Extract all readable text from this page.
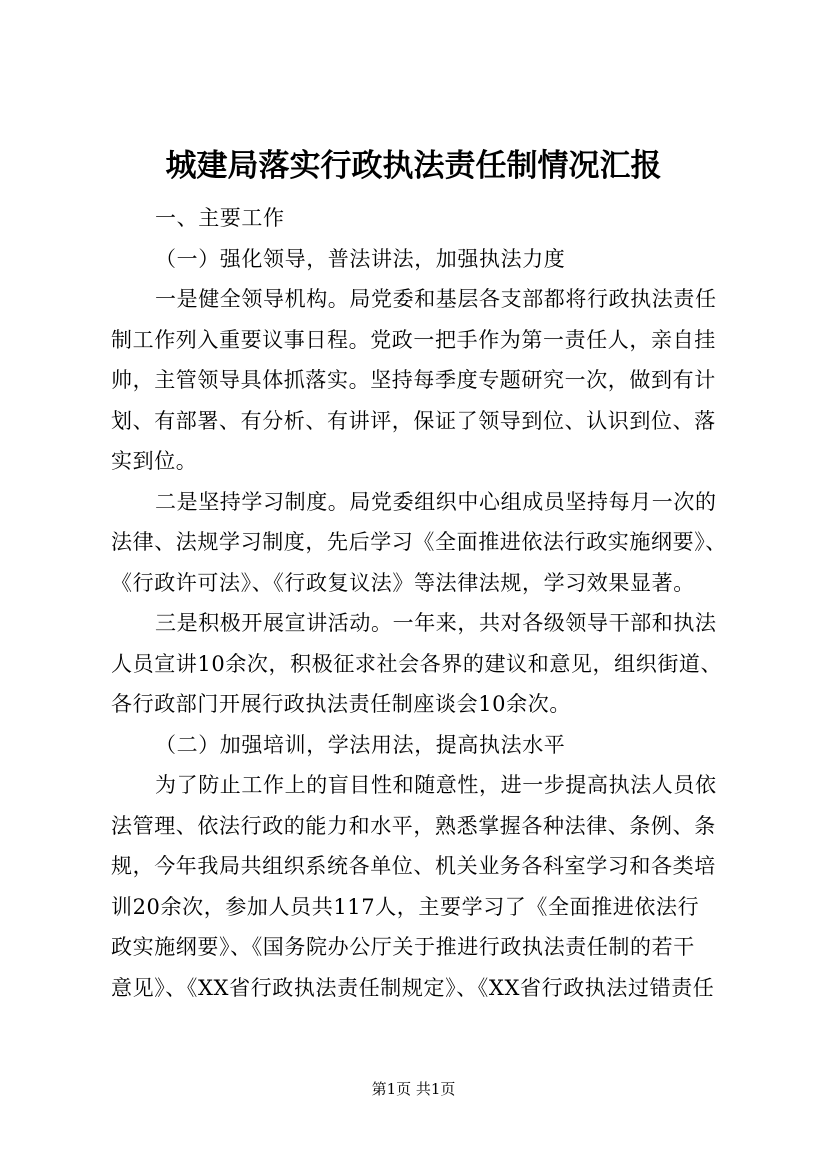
城建局落实行政执法责任制情况汇报
一、主要工作
（一）强化领导，普法讲法，加强执法力度
一是健全领导机构。局党委和基层各支部都将行政执法责任
制工作列入重要议事日程。党政一把手作为第一责任人，亲自挂
帅，主管领导具体抓落实。坚持每季度专题研究一次，做到有计
划、有部署、有分析、有讲评，保证了领导到位、认识到位、落
实到位。
二是坚持学习制度。局党委组织中心组成员坚持每月一次的
法律、法规学习制度，先后学习《全面推进依法行政实施纲要》、
《行政许可法》、《行政复议法》等法律法规，学习效果显著。
三是积极开展宣讲活动。一年来，共对各级领导干部和执法
人员宣讲10余次，积极征求社会各界的建议和意见，组织街道、
各行政部门开展行政执法责任制座谈会10余次。
（二）加强培训，学法用法，提高执法水平
为了防止工作上的盲目性和随意性，进一步提高执法人员依
法管理、依法行政的能力和水平，熟悉掌握各种法律、条例、条
规，今年我局共组织系统各单位、机关业务各科室学习和各类培
训20余次，参加人员共117人，主要学习了《全面推进依法行
政实施纲要》、《国务院办公厅关于推进行政执法责任制的若干
意见》、《XX省行政执法责任制规定》、《XX省行政执法过错责任
第1页 共1页
